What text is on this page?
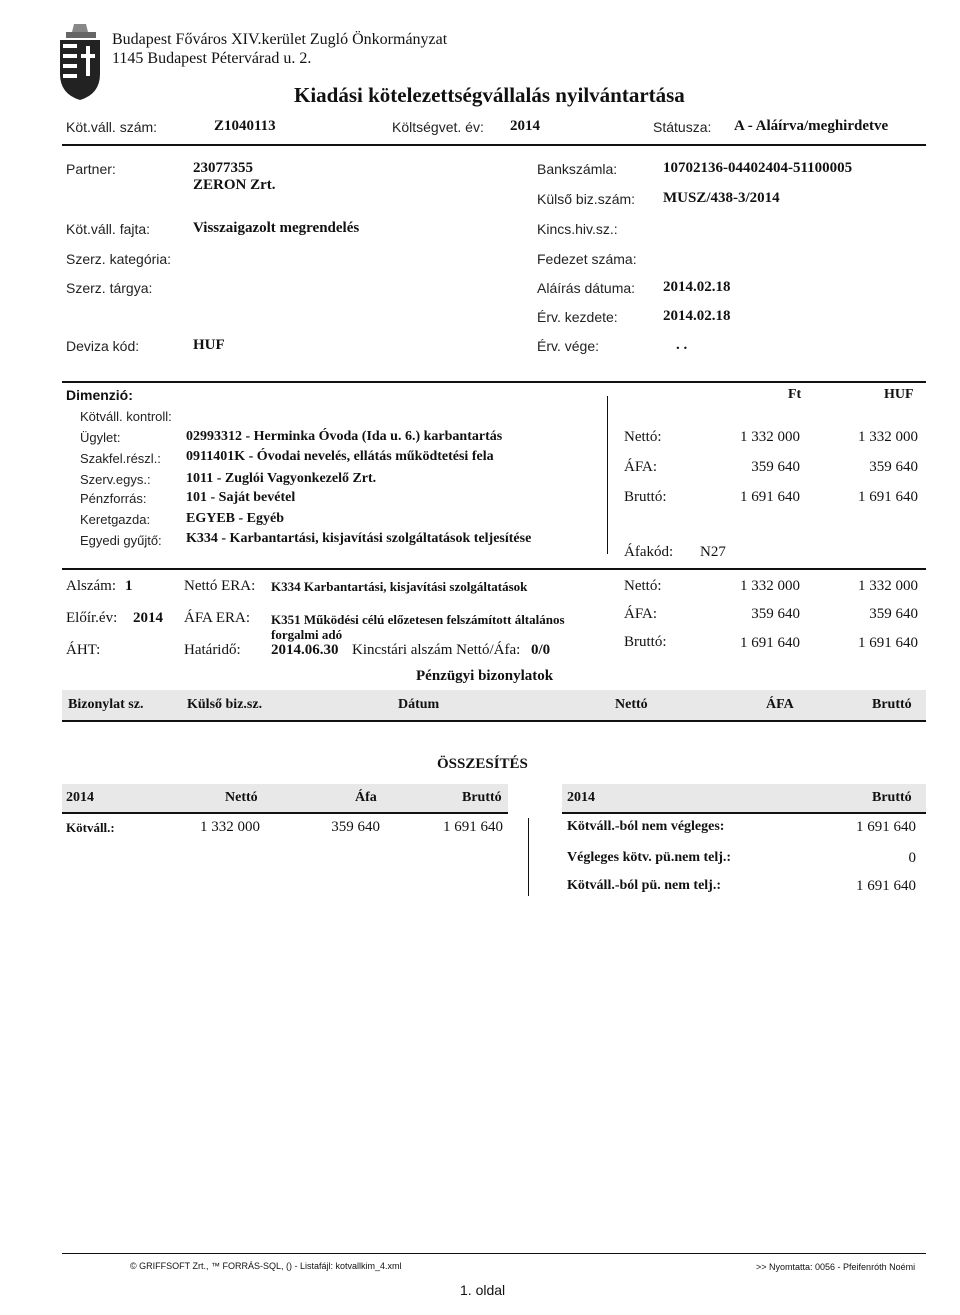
Budapest Főváros XIV.kerület Zugló Önkormányzat
1145 Budapest Pétervárad u. 2.
Kiadási kötelezettségvállalás nyilvántartása
Köt.váll. szám:	Z1040113	Költségvet. év: 2014	Státusza: A - Aláírva/meghirdetve
Partner:	23077355
ZERON Zrt.
Bankszámla:	10702136-04402404-51100005
Külső biz.szám: MUSZ/438-3/2014
Köt.váll. fajta:	Visszaigazolt megrendelés	Kincs.hiv.sz.:
Szerz. kategória:	Fedezet száma:
Szerz. tárgya:	Aláírás dátuma: 2014.02.18
Érv. kezdete:	2014.02.18
Deviza kód:	HUF	Érv. vége:	. .
Dimenzió:	Ft	HUF
Kötváll. kontroll:
Ügylet:	02993312 - Herminka Óvoda (Ida u. 6.) karbantartás
Szakfel.részl.: 0911401K - Óvodai nevelés, ellátás működtetési fela
Szerv.egys.:	1011 - Zuglói Vagyonkezelő Zrt.
Pénzforrás:	101 - Saját bevétel
Keretgazda:	EGYEB - Egyéb
Egyedi gyűjtő: K334 - Karbantartási, kisjavítási szolgáltatások teljesítése
Nettó:	1 332 000	1 332 000
ÁFA:	359 640	359 640
Bruttó:	1 691 640	1 691 640
Áfakód: N27
Alszám: 1	Nettó ERA: K334 Karbantartási, kisjavítási szolgáltatások
Előír.év: 2014 ÁFA ERA: K351 Működési célú előzetesen felszámított általános
forgalmi adó
ÁHT:	Határidő: 2014.06.30 Kincstári alszám Nettó/Áfa: 0/0
Nettó:	1 332 000	1 332 000
ÁFA:	359 640	359 640
Bruttó:	1 691 640	1 691 640
Pénzügyi bizonylatok
Bizonylat sz.	Külső biz.sz.	Dátum	Nettó	ÁFA	Bruttó
ÖSSZESÍTÉS
2014	Nettó	Áfa	Bruttó
Kötváll.:	1 332 000	359 640	1 691 640
2014	Bruttó
Kötváll.-ból nem végleges:	1 691 640
Végleges kötv. pü.nem telj.:	0
Kötváll.-ból pü. nem telj.:	1 691 640
© GRIFFSOFT Zrt., ™ FORRÁS-SQL, () - Listafájl: kotvallkim_4.xml	>> Nyomtatta: 0056 - Pfeifenróth Noémi
1. oldal
